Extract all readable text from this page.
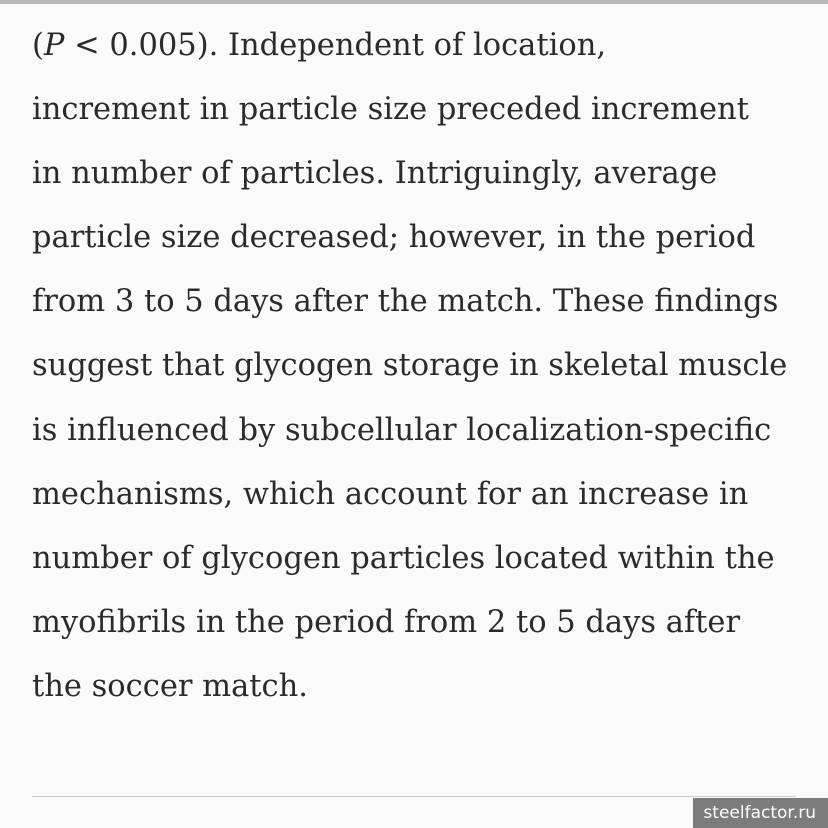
(P < 0.005). Independent of location,
increment in particle size preceded increment
in number of particles. Intriguingly, average
particle size decreased; however, in the period
from 3 to 5 days after the match. These findings
suggest that glycogen storage in skeletal muscle
is influenced by subcellular localization-specific
mechanisms, which account for an increase in
number of glycogen particles located within the
myofibrils in the period from 2 to 5 days after
the soccer match.
steelfactor.ru
